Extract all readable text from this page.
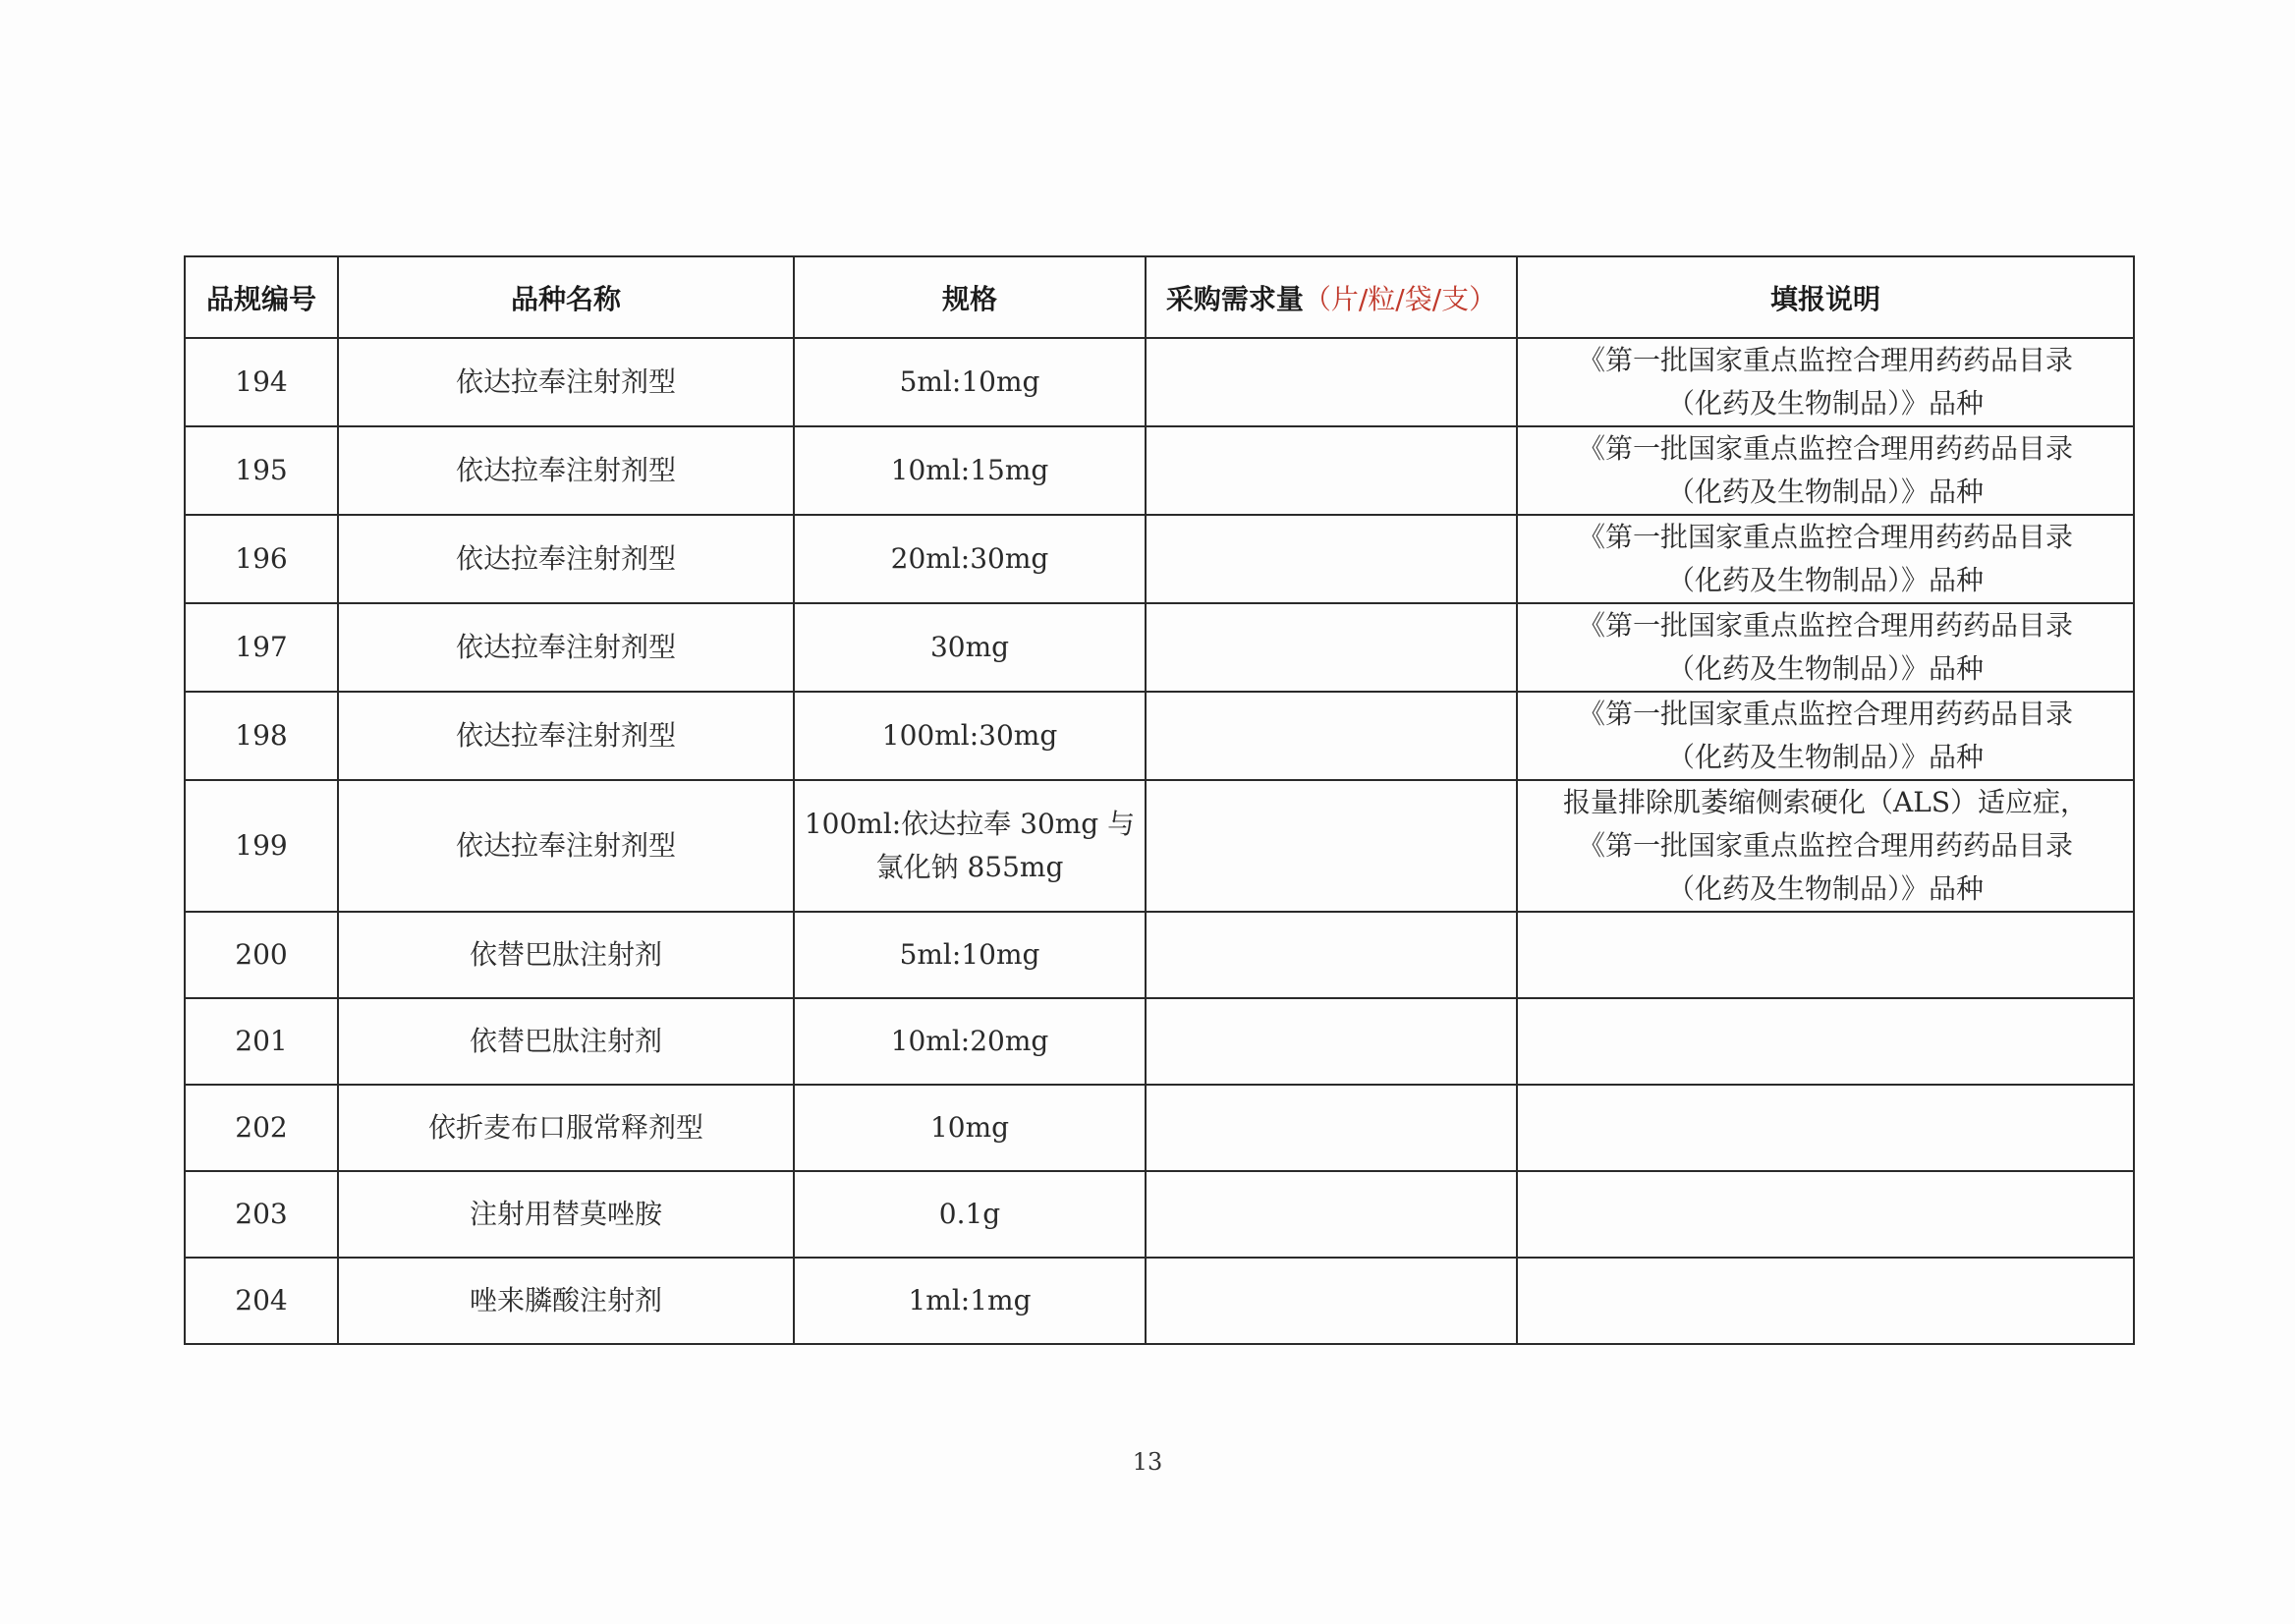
品规编号	品种名称	规格	采购需求量（片/粒/袋/支）	填报说明
194	依达拉奉注射剂型	5ml:10mg		《第一批国家重点监控合理用药药品目录
（化药及生物制品）》品种

195	依达拉奉注射剂型	10ml:15mg		《第一批国家重点监控合理用药药品目录
（化药及生物制品）》品种

196	依达拉奉注射剂型	20ml:30mg		《第一批国家重点监控合理用药药品目录
（化药及生物制品）》品种

197	依达拉奉注射剂型	30mg		《第一批国家重点监控合理用药药品目录
（化药及生物制品）》品种

198	依达拉奉注射剂型	100ml:30mg		《第一批国家重点监控合理用药药品目录
（化药及生物制品）》品种

199	依达拉奉注射剂型	100ml:依达拉奉 30mg 与
氯化钠 855mg		报量排除肌萎缩侧索硬化（ALS）适应症，
《第一批国家重点监控合理用药药品目录
（化药及生物制品）》品种

200	依替巴肽注射剂	5ml:10mg		

201	依替巴肽注射剂	10ml:20mg		

202	依折麦布口服常释剂型	10mg		

203	注射用替莫唑胺	0.1g		

204	唑来膦酸注射剂	1ml:1mg		

13
